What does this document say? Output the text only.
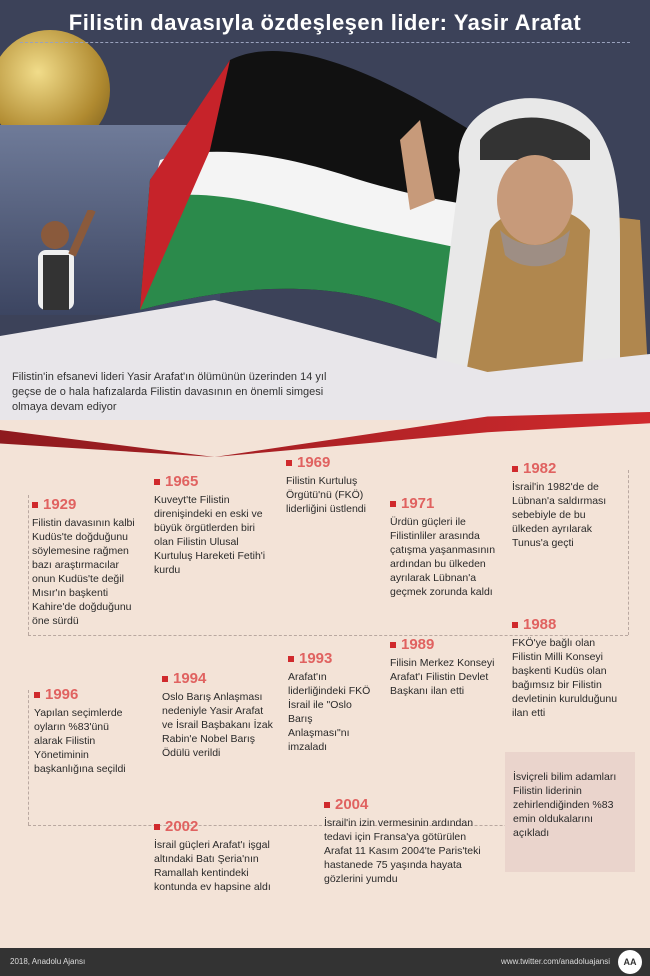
Filistin davasıyla özdeşleşen lider: Yasir Arafat
Filistin'in efsanevi lideri Yasir Arafat'ın ölümünün üzerinden 14 yıl geçse de o hala hafızalarda Filistin davasının en önemli simgesi olmaya devam ediyor
1929
Filistin davasının kalbi Kudüs'te doğduğunu söylemesine rağmen bazı araştırmacılar onun Kudüs'te değil Mısır'ın başkenti Kahire'de doğduğunu öne sürdü
1965
Kuveyt'te Filistin direnişindeki en eski ve büyük örgütlerden biri olan Filistin Ulusal Kurtuluş Hareketi Fetih'i kurdu
1969
Filistin Kurtuluş Örgütü'nü (FKÖ) liderliğini üstlendi	1971
Ürdün güçleri ile Filistinliler arasında çatışma yaşanmasının ardından bu ülkeden ayrılarak Lübnan'a geçmek zorunda kaldı
1982
İsrail'in 1982'de de Lübnan'a saldırması sebebiyle de bu ülkeden ayrılarak Tunus'a geçti
1988
FKÖ'ye bağlı olan Filistin Milli Konseyi başkenti Kudüs olan bağımsız bir Filistin devletinin kurulduğunu ilan etti
1989
Filisin Merkez Konseyi Arafat'ı Filistin Devlet Başkanı ilan etti
1993
Arafat'ın liderliğindeki FKÖ İsrail ile "Oslo Barış Anlaşması"nı imzaladı
1994
Oslo Barış Anlaşması nedeniyle Yasir Arafat ve İsrail Başbakanı İzak Rabin'e Nobel Barış Ödülü verildi
1996
Yapılan seçimlerde oyların %83'ünü alarak Filistin Yönetiminin başkanlığına seçildi
2002
İsrail güçleri Arafat'ı işgal altındaki Batı Şeria'nın Ramallah kentindeki kontunda ev hapsine aldı
2004
İsrail'in izin vermesinin ardından tedavi için Fransa'ya götürülen Arafat 11 Kasım 2004'te Paris'teki hastanede 75 yaşında hayata gözlerini yumdu
İsviçreli bilim adamları Filistin liderinin zehirlendiğinden %83 emin oldukalarını açıkladı
2018, Anadolu Ajansı	www.twitter.com/anadoluajansi	AA
